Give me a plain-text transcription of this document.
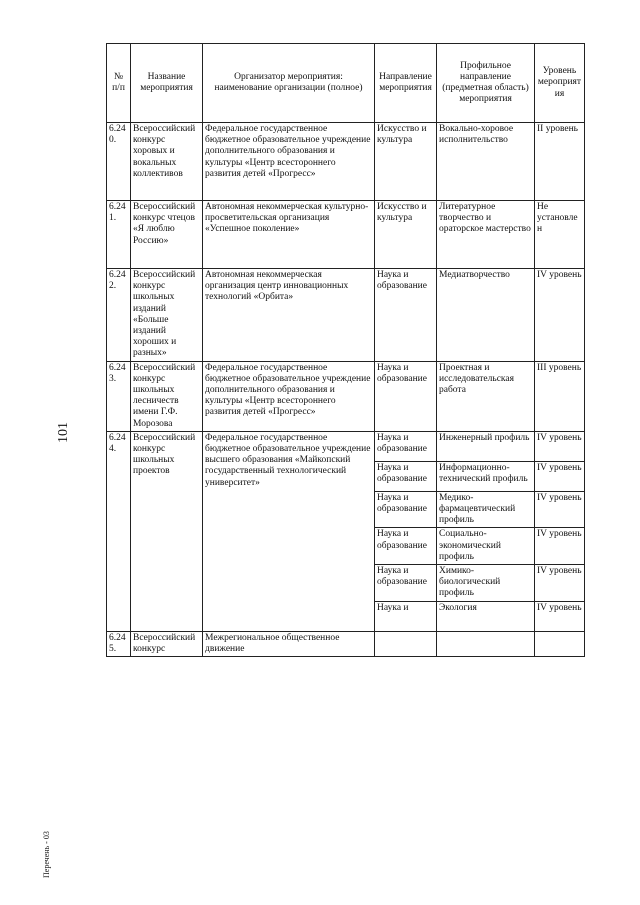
101
Перечень - 03
№ п/п	Название мероприятия	Организатор мероприятия: наименование организации (полное)	Направление мероприятия	Профильное направление (предметная область) мероприятия	Уровень мероприятия
6.240.	Всероссийский конкурс хоровых и вокальных коллективов	Федеральное государственное бюджетное образовательное учреждение дополнительного образования и культуры «Центр всестороннего развития детей «Прогресс»	Искусство и культура	Вокально-хоровое исполнительство	II уровень
6.241.	Всероссийский конкурс чтецов «Я люблю Россию»	Автономная некоммерческая культурно-просветительская организация «Успешное поколение»	Искусство и культура	Литературное творчество и ораторское мастерство	Не установлен
6.242.	Всероссийский конкурс школьных изданий «Больше изданий хороших и разных»	Автономная некоммерческая организация центр инновационных технологий «Орбита»	Наука и образование	Медиатворчество	IV уровень
6.243.	Всероссийский конкурс школьных лесничеств имени Г.Ф. Морозова	Федеральное государственное бюджетное образовательное учреждение дополнительного образования и культуры «Центр всестороннего развития детей «Прогресс»	Наука и образование	Проектная и исследовательская работа	III уровень
6.244.	Всероссийский конкурс школьных проектов	Федеральное государственное бюджетное образовательное учреждение высшего образования «Майкопский государственный технологический университет»	Наука и образование	Инженерный профиль	IV уровень
			Наука и образование	Информационно-технический профиль	IV уровень
			Наука и образование	Медико-фармацевтический профиль	IV уровень
			Наука и образование	Социально-экономический профиль	IV уровень
			Наука и образование	Химико-биологический профиль	IV уровень
			Наука и	Экология	IV уровень
6.245.	Всероссийский конкурс	Межрегиональное общественное движение			
